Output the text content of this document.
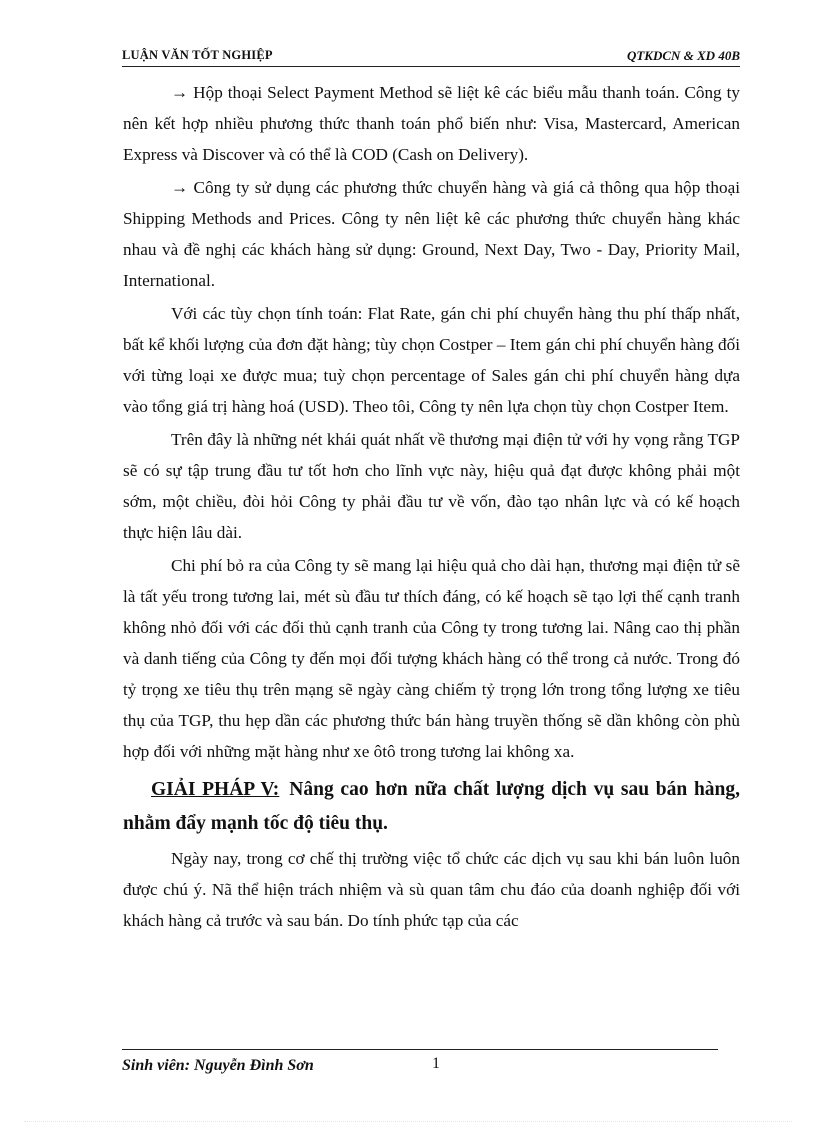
LUẬN VĂN TỐT NGHIỆP	QTKDCN & XD 40B

→ Hộp thoại Select Payment Method sẽ liệt kê các biểu mẫu thanh toán. Công ty nên kết hợp nhiều phương thức thanh toán phổ biến như: Visa, Mastercard, American Express và Discover và có thể là COD (Cash on Delivery).

→ Công ty sử dụng các phương thức chuyển hàng và giá cả thông qua hộp thoại Shipping Methods and Prices. Công ty nên liệt kê các phương thức chuyển hàng khác nhau và đề nghị các khách hàng sử dụng: Ground, Next Day, Two - Day, Priority Mail, International.

Với các tùy chọn tính toán: Flat Rate, gán chi phí chuyển hàng thu phí thấp nhất, bất kể khối lượng của đơn đặt hàng; tùy chọn Costper – Item gán chi phí chuyển hàng đối với từng loại xe được mua; tuỳ chọn percentage of Sales gán chi phí chuyển hàng dựa vào tổng giá trị hàng hoá (USD). Theo tôi, Công ty nên lựa chọn tùy chọn Costper Item.

Trên đây là những nét khái quát nhất về thương mại điện tử với hy vọng rằng TGP sẽ có sự tập trung đầu tư tốt hơn cho lĩnh vực này, hiệu quả đạt được không phải một sớm, một chiều, đòi hỏi Công ty phải đầu tư về vốn, đào tạo nhân lực và có kế hoạch thực hiện lâu dài.

Chi phí bỏ ra của Công ty sẽ mang lại hiệu quả cho dài hạn, thương mại điện tử sẽ là tất yếu trong tương lai, mét sù đầu tư thích đáng, có kế hoạch sẽ tạo lợi thế cạnh tranh không nhỏ đối với các đối thủ cạnh tranh của Công ty trong tương lai. Nâng cao thị phần và danh tiếng của Công ty đến mọi đối tượng khách hàng có thể trong cả nước. Trong đó tỷ trọng xe tiêu thụ trên mạng sẽ ngày càng chiếm tỷ trọng lớn trong tổng lượng xe tiêu thụ của TGP, thu hẹp dần các phương thức bán hàng truyền thống sẽ dần không còn phù hợp đối với những mặt hàng như xe ôtô trong tương lai không xa.

GIẢI PHÁP V: Nâng cao hơn nữa chất lượng dịch vụ sau bán hàng, nhằm đẩy mạnh tốc độ tiêu thụ.

Ngày nay, trong cơ chế thị trường việc tổ chức các dịch vụ sau khi bán luôn luôn được chú ý. Nã thể hiện trách nhiệm và sù quan tâm chu đáo của doanh nghiệp đối với khách hàng cả trước và sau bán. Do tính phức tạp của các

Sinh viên: Nguyễn Đình Sơn	1
